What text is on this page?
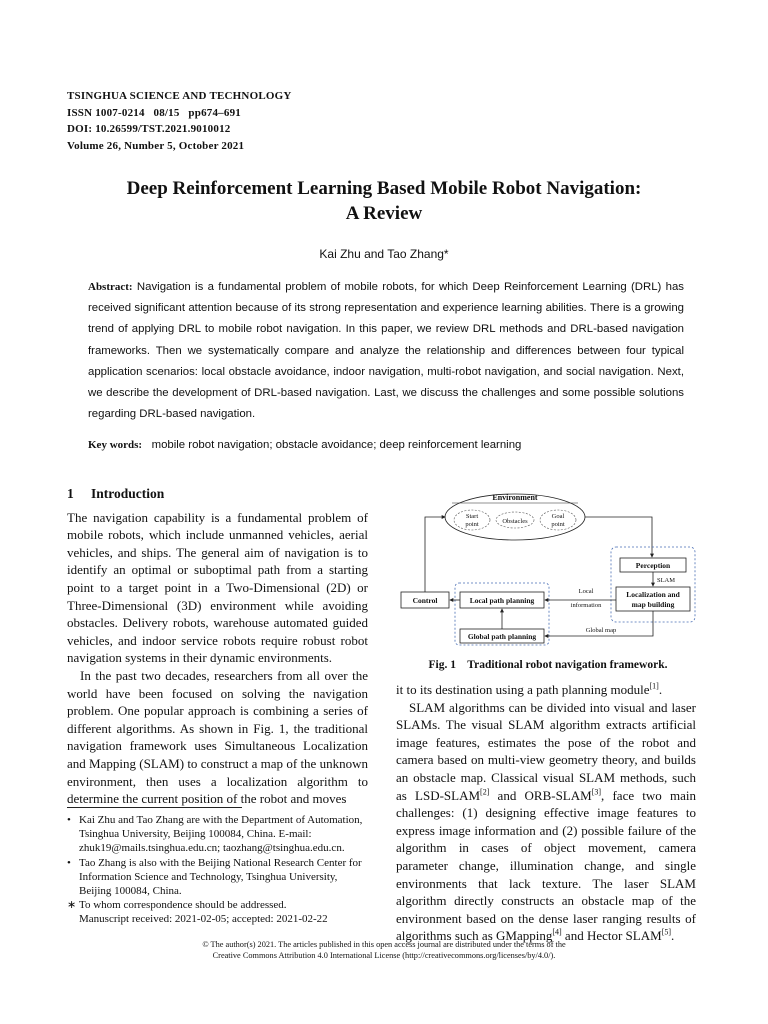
TSINGHUA SCIENCE AND TECHNOLOGY
ISSN 1007-0214   08/15   pp674–691
DOI: 10.26599/TST.2021.9010012
Volume 26, Number 5, October 2021
Deep Reinforcement Learning Based Mobile Robot Navigation:
A Review
Kai Zhu and Tao Zhang*
Abstract: Navigation is a fundamental problem of mobile robots, for which Deep Reinforcement Learning (DRL) has received significant attention because of its strong representation and experience learning abilities. There is a growing trend of applying DRL to mobile robot navigation. In this paper, we review DRL methods and DRL-based navigation frameworks. Then we systematically compare and analyze the relationship and differences between four typical application scenarios: local obstacle avoidance, indoor navigation, multi-robot navigation, and social navigation. Next, we describe the development of DRL-based navigation. Last, we discuss the challenges and some possible solutions regarding DRL-based navigation.
Key words: mobile robot navigation; obstacle avoidance; deep reinforcement learning
1 Introduction

The navigation capability is a fundamental problem of mobile robots, which include unmanned vehicles, aerial vehicles, and ships. The general aim of navigation is to identify an optimal or suboptimal path from a starting point to a target point in a Two-Dimensional (2D) or Three-Dimensional (3D) environment while avoiding obstacles. Delivery robots, warehouse automated guided vehicles, and indoor service robots require robust robot navigation systems in their dynamic environments.

In the past two decades, researchers from all over the world have been focused on solving the navigation problem. One popular approach is combining a series of different algorithms. As shown in Fig. 1, the traditional navigation framework uses Simultaneous Localization and Mapping (SLAM) to construct a map of the unknown environment, then uses a localization algorithm to determine the current position of the robot and moves

• Kai Zhu and Tao Zhang are with the Department of Automation, Tsinghua University, Beijing 100084, China. E-mail: zhuk19@mails.tsinghua.edu.cn; taozhang@tsinghua.edu.cn.
• Tao Zhang is also with the Beijing National Research Center for Information Science and Technology, Tsinghua University, Beijing 100084, China.
∗ To whom correspondence should be addressed.
Manuscript received: 2021-02-05; accepted: 2021-02-22
Environment
Start
point	Obstacles
Goal
point
Perception
SLAM
Localization and
map building
Local path planning
Global path planning
Control
Local
information
Global map
Fig. 1    Traditional robot navigation framework.

it to its destination using a path planning module[1].

SLAM algorithms can be divided into visual and laser SLAMs. The visual SLAM algorithm extracts artificial image features, estimates the pose of the robot and camera based on multi-view geometry theory, and builds an obstacle map. Classical visual SLAM methods, such as LSD-SLAM[2] and ORB-SLAM[3], face two main challenges: (1) designing effective image features to express image information and (2) possible failure of the algorithm in cases of object movement, camera parameter change, illumination change, and single environments that lack texture. The laser SLAM algorithm directly constructs an obstacle map of the environment based on the dense laser ranging results of algorithms such as GMapping[4] and Hector SLAM[5].

© The author(s) 2021. The articles published in this open access journal are distributed under the terms of the
Creative Commons Attribution 4.0 International License (http://creativecommons.org/licenses/by/4.0/).
